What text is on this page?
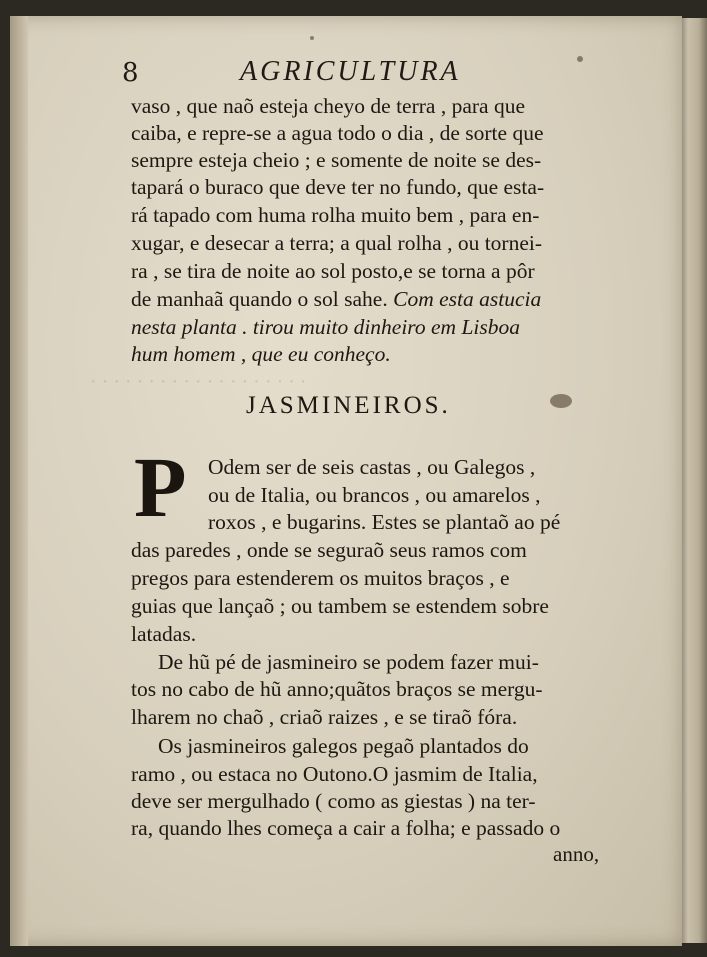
· · · · · · · · · · · · · · · · · · ·
8	AGRICULTURA
vaso , que naõ esteja cheyo de terra , para que
caiba, e repre-se a agua todo o dia , de sorte que
sempre esteja cheio ; e somente de noite se des-
tapará o buraco que deve ter no fundo, que esta-
rá tapado com huma rolha muito bem , para en-
xugar, e desecar a terra; a qual rolha , ou tornei-
ra , se tira de noite ao sol posto,e se torna a pôr
de manhaã quando o sol sahe. Com esta astucia
nesta planta . tirou muito dinheiro em Lisboa
hum homem , que eu conheço.
JASMINEIROS.
P Odem ser de seis castas , ou Galegos ,
ou de Italia, ou brancos , ou amarelos ,
roxos , e bugarins. Estes se plantaõ ao pé
das paredes , onde se seguraõ seus ramos com
pregos para estenderem os muitos braços , e
guias que lançaõ ; ou tambem se estendem sobre
latadas.
De hũ pé de jasmineiro se podem fazer mui-
tos no cabo de hũ anno;quãtos braços se mergu-
lharem no chaõ , criaõ raizes , e se tiraõ fóra.
Os jasmineiros galegos pegaõ plantados do
ramo , ou estaca no Outono.O jasmim de Italia,
deve ser mergulhado ( como as giestas ) na ter-
ra, quando lhes começa a cair a folha; e passado o
anno,
